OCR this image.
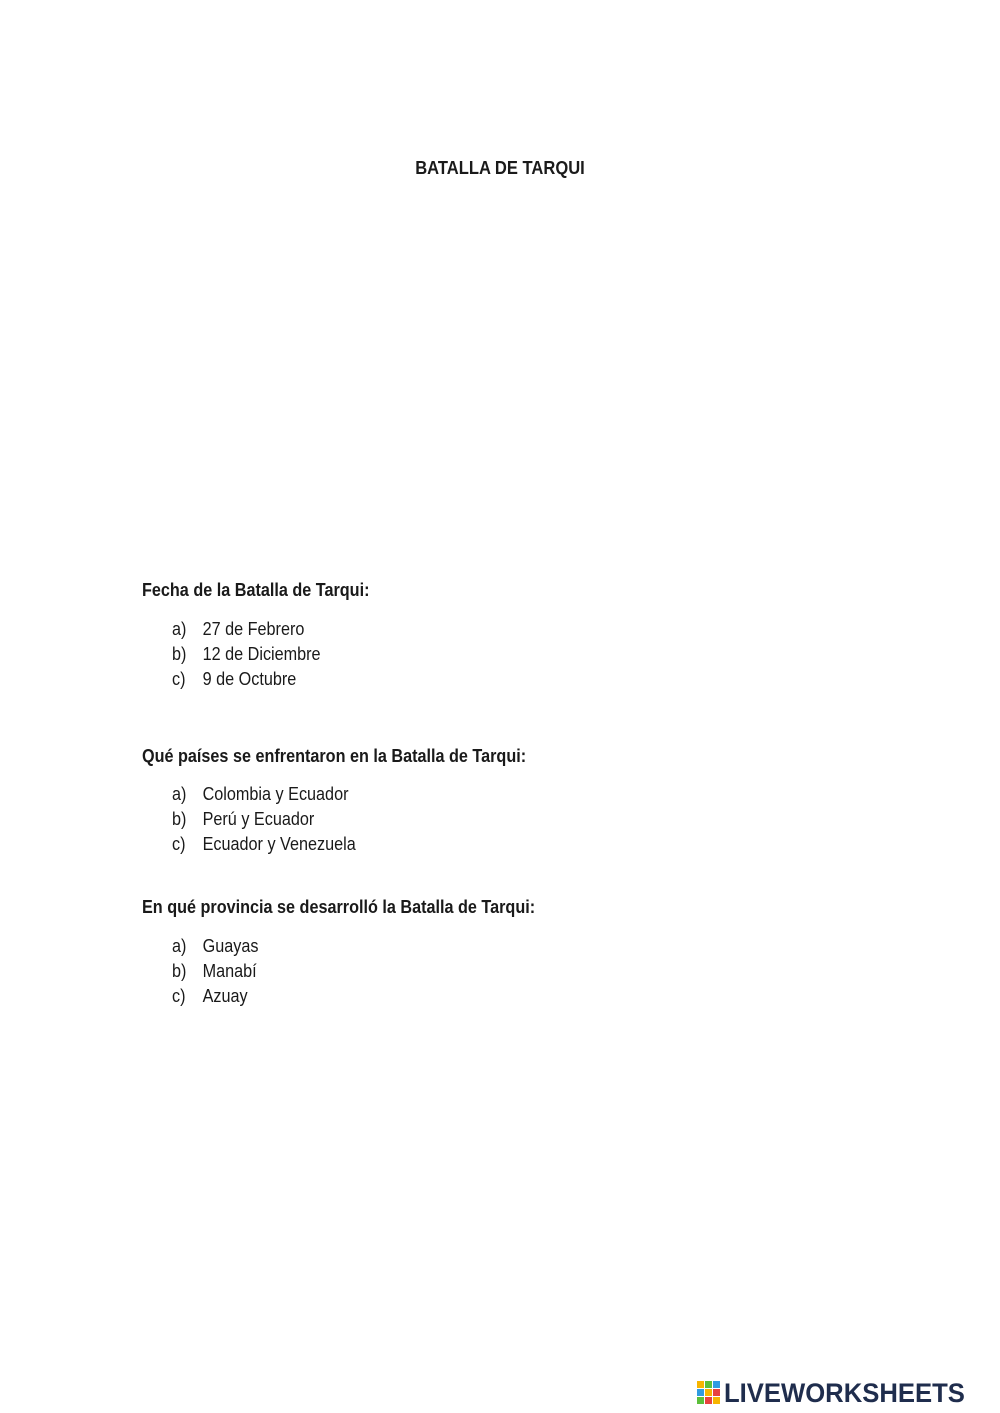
BATALLA DE TARQUI
Fecha de la Batalla de Tarqui:
a) 27 de Febrero
b) 12 de Diciembre
c) 9 de Octubre
Qué países se enfrentaron en la Batalla de Tarqui:
a) Colombia y Ecuador
b) Perú y Ecuador
c) Ecuador y Venezuela
En qué provincia se desarrolló la Batalla de Tarqui:
a) Guayas
b) Manabí
c) Azuay
LIVEWORKSHEETS
